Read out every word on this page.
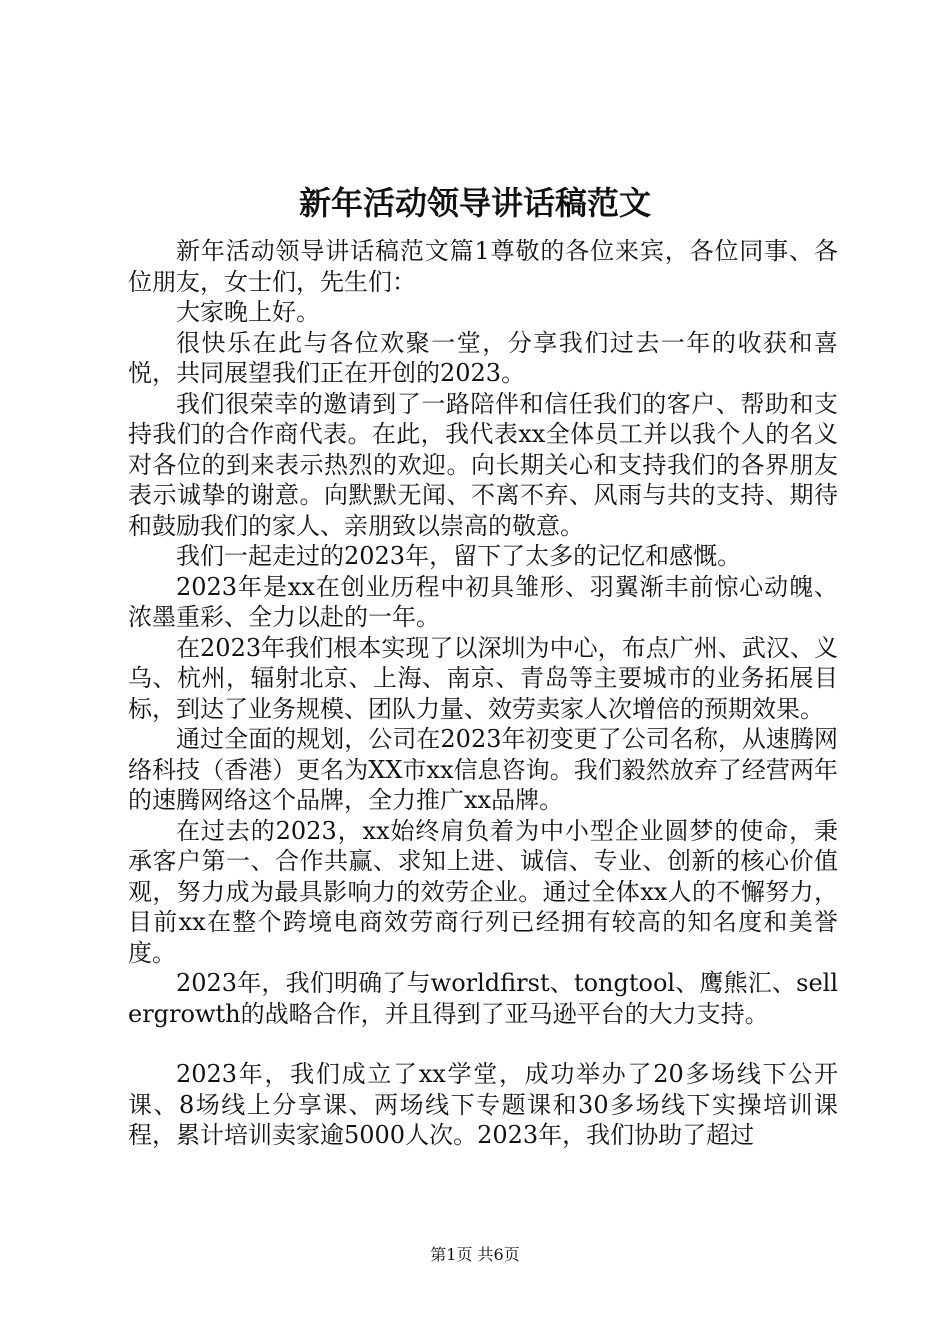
新年活动领导讲话稿范文

新年活动领导讲话稿范文篇1尊敬的各位来宾，各位同事、各位朋友，女士们，先生们：

大家晚上好。

很快乐在此与各位欢聚一堂，分享我们过去一年的收获和喜悦，共同展望我们正在开创的2023。

我们很荣幸的邀请到了一路陪伴和信任我们的客户、帮助和支持我们的合作商代表。在此，我代表xx全体员工并以我个人的名义对各位的到来表示热烈的欢迎。向长期关心和支持我们的各界朋友表示诚挚的谢意。向默默无闻、不离不弃、风雨与共的支持、期待和鼓励我们的家人、亲朋致以崇高的敬意。

我们一起走过的2023年，留下了太多的记忆和感慨。

2023年是xx在创业历程中初具雏形、羽翼渐丰前惊心动魄、浓墨重彩、全力以赴的一年。

在2023年我们根本实现了以深圳为中心，布点广州、武汉、义乌、杭州，辐射北京、上海、南京、青岛等主要城市的业务拓展目标，到达了业务规模、团队力量、效劳卖家人次增倍的预期效果。

通过全面的规划，公司在2023年初变更了公司名称，从速腾网络科技（香港）更名为XX市xx信息咨询。我们毅然放弃了经营两年的速腾网络这个品牌，全力推广xx品牌。

在过去的2023，xx始终肩负着为中小型企业圆梦的使命，秉承客户第一、合作共赢、求知上进、诚信、专业、创新的核心价值观，努力成为最具影响力的效劳企业。通过全体xx人的不懈努力，目前xx在整个跨境电商效劳商行列已经拥有较高的知名度和美誉度。

2023年，我们明确了与worldfirst、tongtool、鹰熊汇、sellergrowth的战略合作，并且得到了亚马逊平台的大力支持。

2023年，我们成立了xx学堂，成功举办了20多场线下公开课、8场线上分享课、两场线下专题课和30多场线下实操培训课程，累计培训卖家逾5000人次。2023年，我们协助了超过

第1页 共6页
